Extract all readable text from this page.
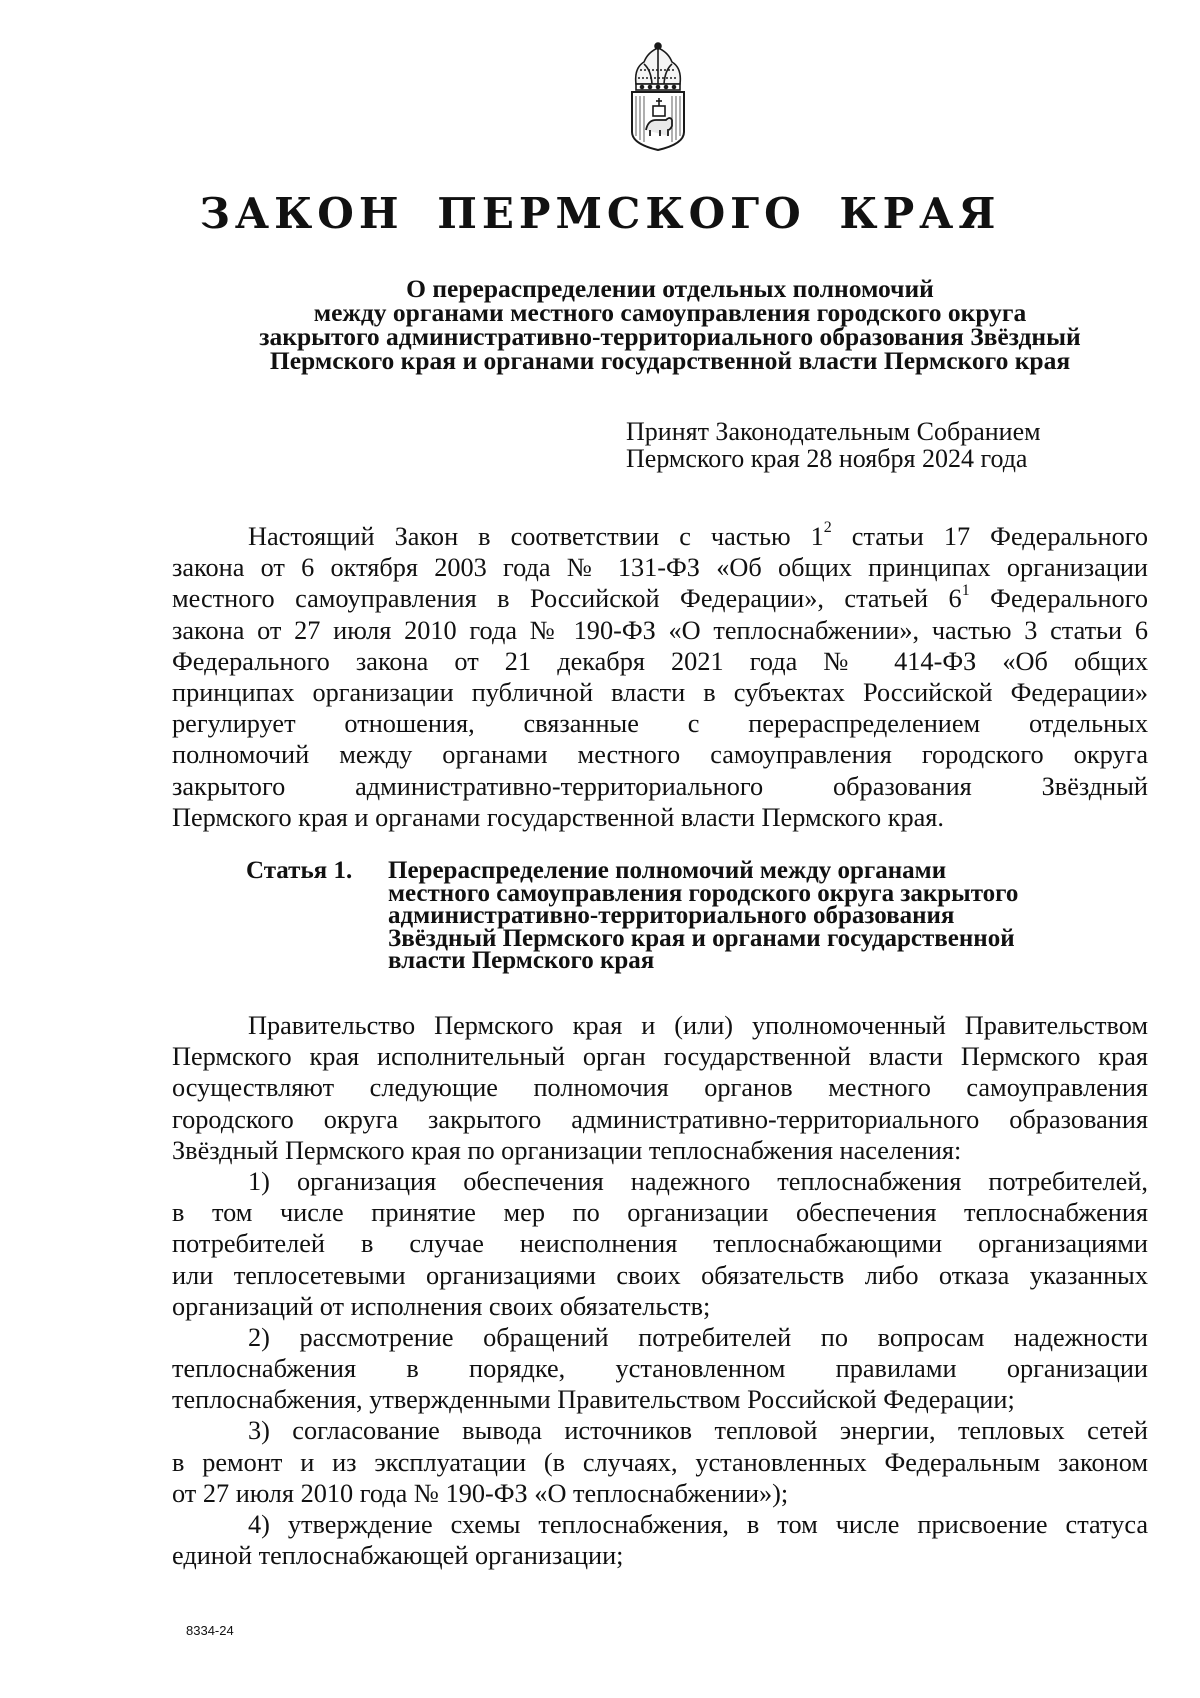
ЗАКОН ПЕРМСКОГО КРАЯ
О перераспределении отдельных полномочий
между органами местного самоуправления городского округа
закрытого административно-территориального образования Звёздный
Пермского края и органами государственной власти Пермского края
Принят Законодательным Собранием
Пермского края 28 ноября 2024 года
Настоящий Закон в соответствии с частью $1^2$ статьи 17 Федерального
закона от 6 октября 2003 года № 131-ФЗ «Об общих принципах организации
местного самоуправления в Российской Федерации», статьей $6^1$ Федерального
закона от 27 июля 2010 года № 190-ФЗ «О теплоснабжении», частью 3 статьи 6
Федерального закона от 21 декабря 2021 года № 414-ФЗ «Об общих
принципах организации публичной власти в субъектах Российской Федерации»
регулирует отношения, связанные с перераспределением отдельных
полномочий между органами местного самоуправления городского округа
закрытого административно-территориального образования Звёздный
Пермского края и органами государственной власти Пермского края.
Статья 1. Перераспределение полномочий между органами
местного самоуправления городского округа закрытого
административно-территориального образования
Звёздный Пермского края и органами государственной
власти Пермского края
Правительство Пермского края и (или) уполномоченный Правительством
Пермского края исполнительный орган государственной власти Пермского края
осуществляют следующие полномочия органов местного самоуправления
городского округа закрытого административно-территориального образования
Звёздный Пермского края по организации теплоснабжения населения:
1) организация обеспечения надежного теплоснабжения потребителей,
в том числе принятие мер по организации обеспечения теплоснабжения
потребителей в случае неисполнения теплоснабжающими организациями
или теплосетевыми организациями своих обязательств либо отказа указанных
организаций от исполнения своих обязательств;
2) рассмотрение обращений потребителей по вопросам надежности
теплоснабжения в порядке, установленном правилами организации
теплоснабжения, утвержденными Правительством Российской Федерации;
3) согласование вывода источников тепловой энергии, тепловых сетей
в ремонт и из эксплуатации (в случаях, установленных Федеральным законом
от 27 июля 2010 года № 190-ФЗ «О теплоснабжении»);
4) утверждение схемы теплоснабжения, в том числе присвоение статуса
единой теплоснабжающей организации;
8334-24
